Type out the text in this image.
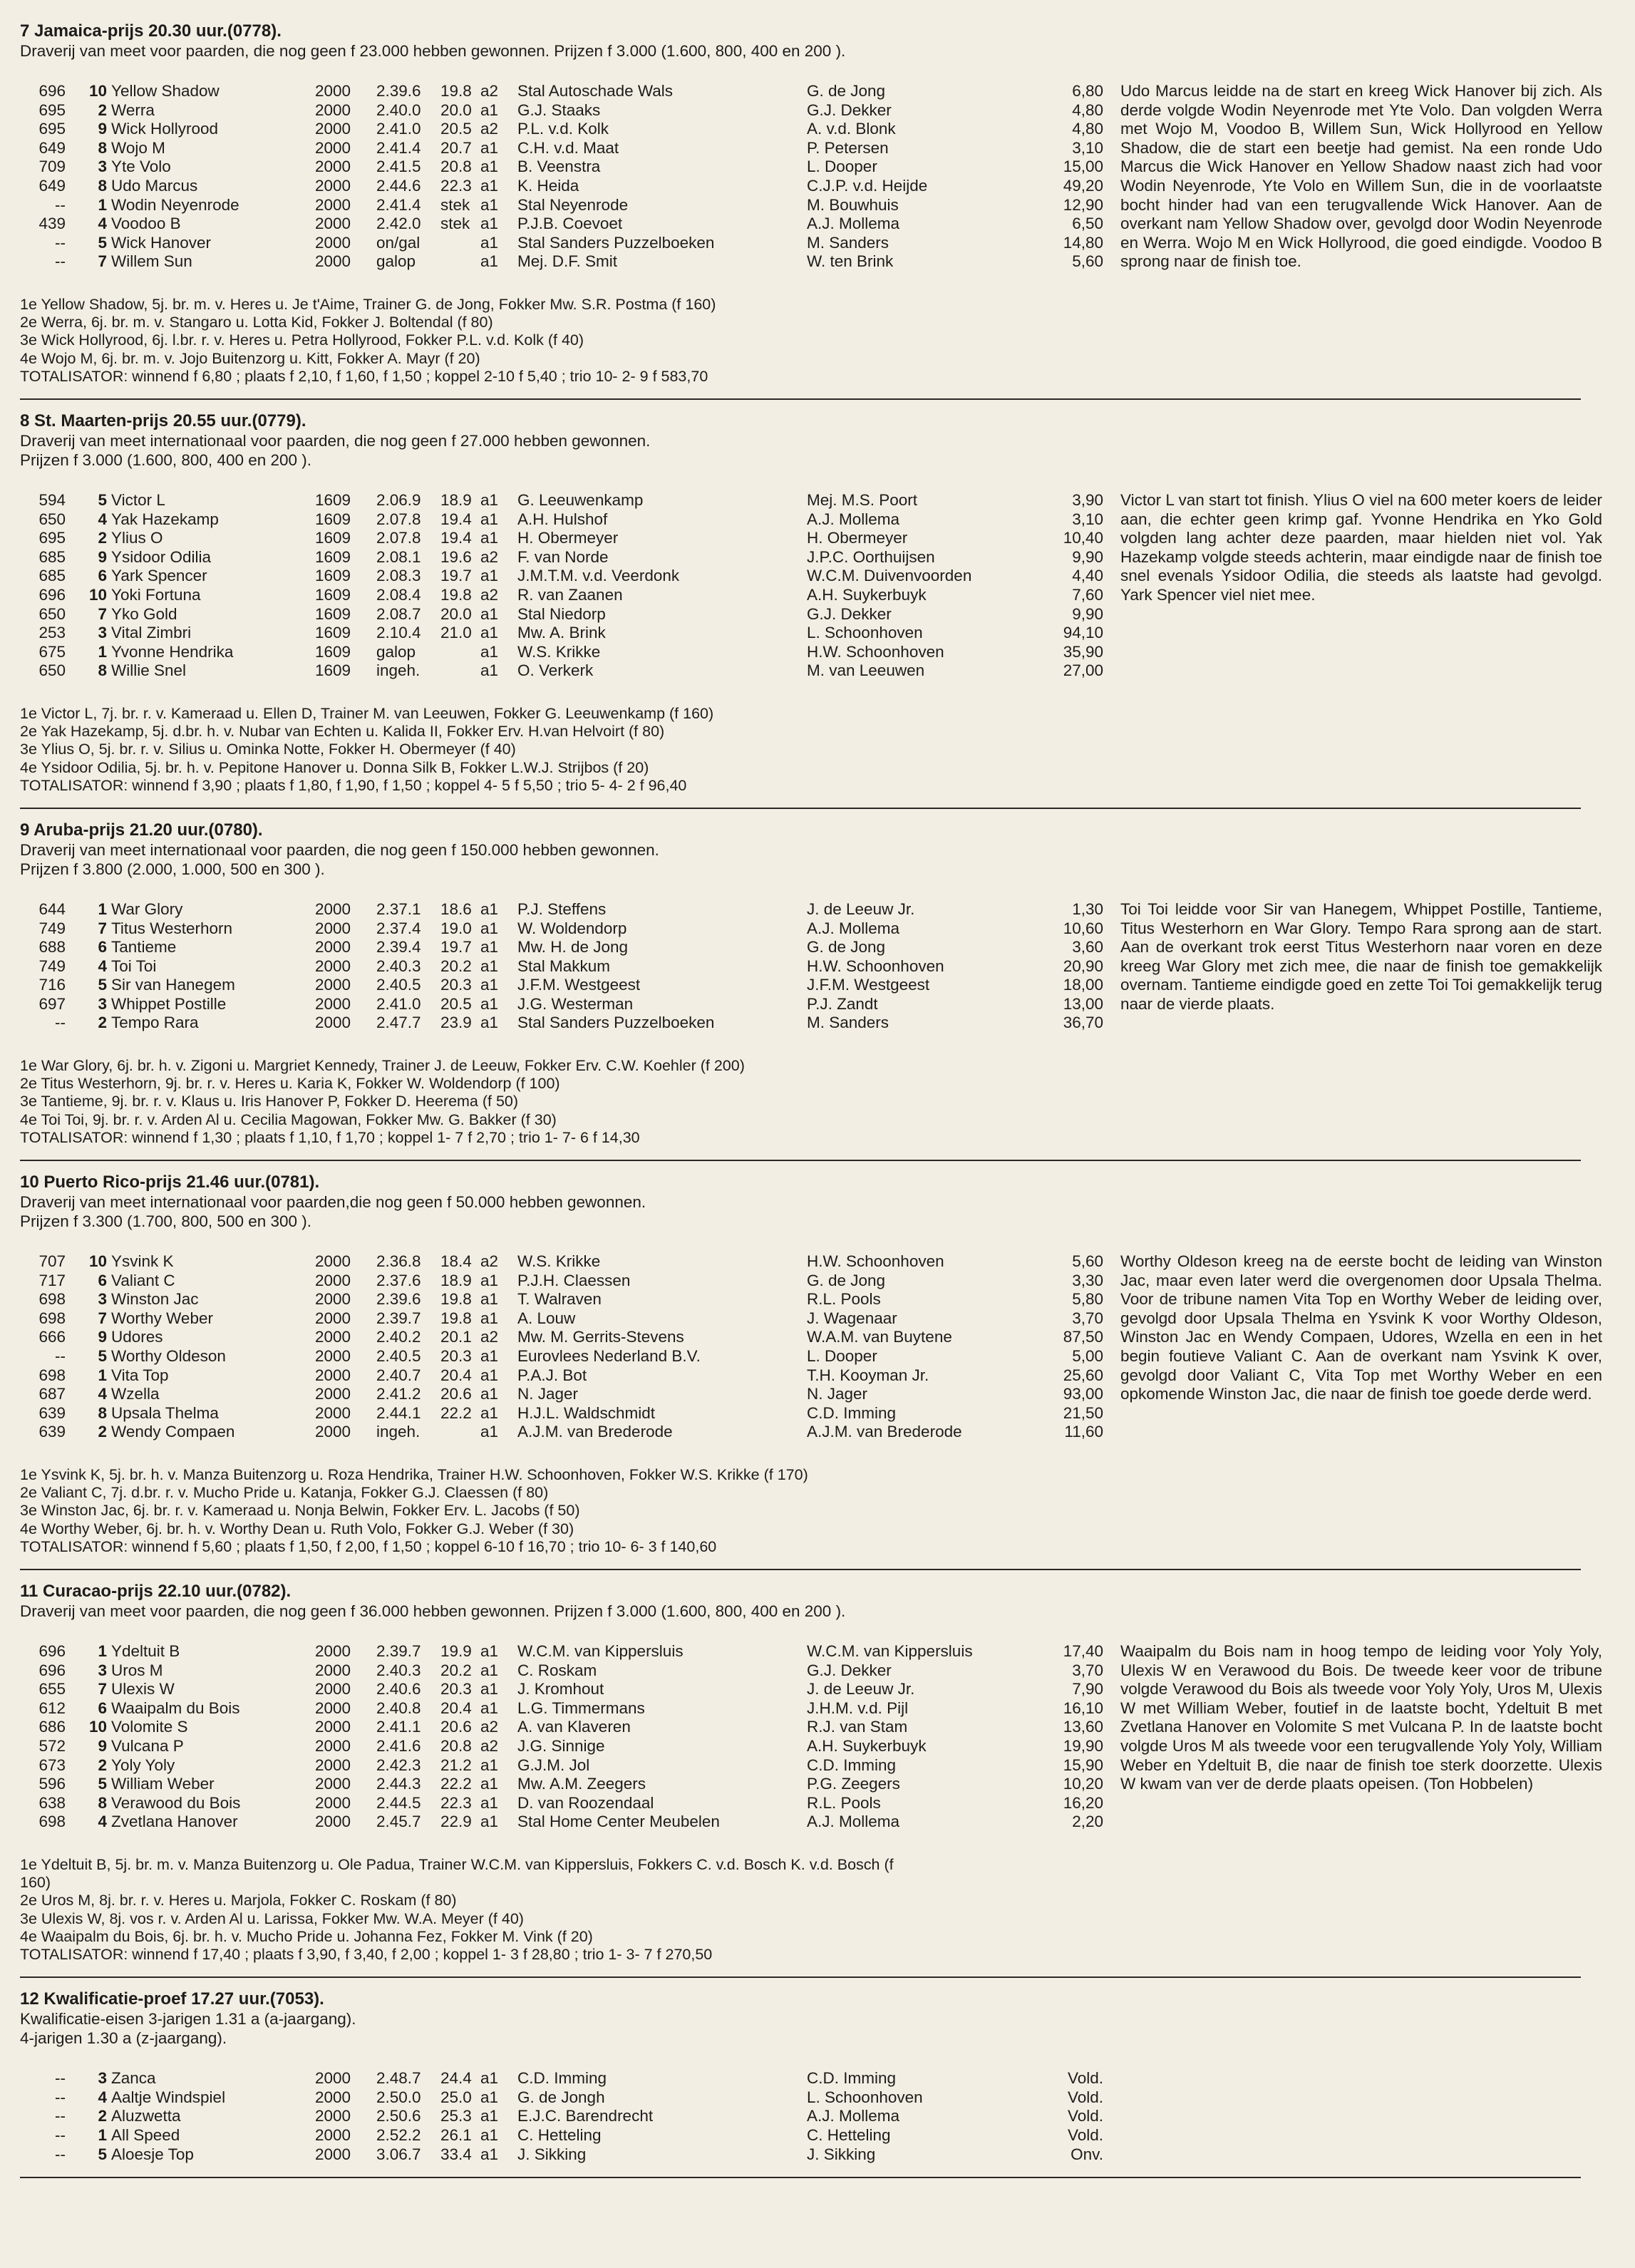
7 Jamaica-prijs 20.30 uur.(0778).
Draverij van meet voor paarden, die nog geen f 23.000 hebben gewonnen. Prijzen f 3.000 (1.600, 800, 400 en 200 ).
696	10 Yellow Shadow	2000 2.39.6 19.8 a2 Stal Autoschade Wals	G. de Jong	6,80
695	2 Werra	2000 2.40.0 20.0 a1 G.J. Staaks	G.J. Dekker	4,80
695	9 Wick Hollyrood	2000 2.41.0 20.5 a2 P.L. v.d. Kolk	A. v.d. Blonk	4,80
649	8 Wojo M	2000 2.41.4 20.7 a1 C.H. v.d. Maat	P. Petersen	3,10
709	3 Yte Volo	2000 2.41.5 20.8 a1 B. Veenstra	L. Dooper	15,00
649	8 Udo Marcus	2000 2.44.6 22.3 a1 K. Heida	C.J.P. v.d. Heijde	49,20
--	1 Wodin Neyenrode	2000 2.41.4 stek a1 Stal Neyenrode	M. Bouwhuis	12,90
439	4 Voodoo B	2000 2.42.0 stek a1 P.J.B. Coevoet	A.J. Mollema	6,50
--	5 Wick Hanover	2000 on/gal	a1 Stal Sanders Puzzelboeken	M. Sanders	14,80
--	7 Willem Sun	2000 galop	a1 Mej. D.F. Smit	W. ten Brink	5,60
Udo Marcus leidde na de start en kreeg Wick Hanover bij zich. Als derde volgde Wodin Neyenrode met Yte Volo. Dan volgden Werra met Wojo M, Voodoo B, Willem Sun, Wick Hollyrood en Yellow Shadow, die de start een beetje had gemist. Na een ronde Udo Marcus die Wick Hanover en Yellow Shadow naast zich had voor Wodin Neyenrode, Yte Volo en Willem Sun, die in de voorlaatste bocht hinder had van een terugvallende Wick Hanover. Aan de overkant nam Yellow Shadow over, gevolgd door Wodin Neyenrode en Werra. Wojo M en Wick Hollyrood, die goed eindigde. Voodoo B sprong naar de finish toe.
1e Yellow Shadow, 5j. br. m. v. Heres u. Je t'Aime, Trainer G. de Jong, Fokker Mw. S.R. Postma (f 160)
2e Werra, 6j. br. m. v. Stangaro u. Lotta Kid, Fokker J. Boltendal (f 80)
3e Wick Hollyrood, 6j. l.br. r. v. Heres u. Petra Hollyrood, Fokker P.L. v.d. Kolk (f 40)
4e Wojo M, 6j. br. m. v. Jojo Buitenzorg u. Kitt, Fokker A. Mayr (f 20)
TOTALISATOR: winnend f 6,80 ; plaats f 2,10, f 1,60, f 1,50 ; koppel 2-10 f 5,40 ; trio 10- 2- 9 f 583,70
8 St. Maarten-prijs 20.55 uur.(0779).
Draverij van meet internationaal voor paarden, die nog geen f 27.000 hebben gewonnen.
Prijzen f 3.000 (1.600, 800, 400 en 200 ).
594	5 Victor L	1609 2.06.9 18.9 a1 G. Leeuwenkamp	Mej. M.S. Poort	3,90
650	4 Yak Hazekamp	1609 2.07.8 19.4 a1 A.H. Hulshof	A.J. Mollema	3,10
695	2 Ylius O	1609 2.07.8 19.4 a1 H. Obermeyer	H. Obermeyer	10,40
685	9 Ysidoor Odilia	1609 2.08.1 19.6 a2 F. van Norde	J.P.C. Oorthuijsen	9,90
685	6 Yark Spencer	1609 2.08.3 19.7 a1 J.M.T.M. v.d. Veerdonk	W.C.M. Duivenvoorden	4,40
696	10 Yoki Fortuna	1609 2.08.4 19.8 a2 R. van Zaanen	A.H. Suykerbuyk	7,60
650	7 Yko Gold	1609 2.08.7 20.0 a1 Stal Niedorp	G.J. Dekker	9,90
253	3 Vital Zimbri	1609 2.10.4 21.0 a1 Mw. A. Brink	L. Schoonhoven	94,10
675	1 Yvonne Hendrika	1609 galop	a1 W.S. Krikke	H.W. Schoonhoven	35,90
650	8 Willie Snel	1609 ingeh.	a1 O. Verkerk	M. van Leeuwen	27,00
Victor L van start tot finish. Ylius O viel na 600 meter koers de leider aan, die echter geen krimp gaf. Yvonne Hendrika en Yko Gold volgden lang achter deze paarden, maar hielden niet vol. Yak Hazekamp volgde steeds achterin, maar eindigde naar de finish toe snel evenals Ysidoor Odilia, die steeds als laatste had gevolgd. Yark Spencer viel niet mee.
1e Victor L, 7j. br. r. v. Kameraad u. Ellen D, Trainer M. van Leeuwen, Fokker G. Leeuwenkamp (f 160)
2e Yak Hazekamp, 5j. d.br. h. v. Nubar van Echten u. Kalida II, Fokker Erv. H.van Helvoirt (f 80)
3e Ylius O, 5j. br. r. v. Silius u. Ominka Notte, Fokker H. Obermeyer (f 40)
4e Ysidoor Odilia, 5j. br. h. v. Pepitone Hanover u. Donna Silk B, Fokker L.W.J. Strijbos (f 20)
TOTALISATOR: winnend f 3,90 ; plaats f 1,80, f 1,90, f 1,50 ; koppel 4- 5 f 5,50 ; trio 5- 4- 2 f 96,40
9 Aruba-prijs 21.20 uur.(0780).
Draverij van meet internationaal voor paarden, die nog geen f 150.000 hebben gewonnen.
Prijzen f 3.800 (2.000, 1.000, 500 en 300 ).
644	1 War Glory	2000 2.37.1 18.6 a1 P.J. Steffens	J. de Leeuw Jr.	1,30
749	7 Titus Westerhorn	2000 2.37.4 19.0 a1 W. Woldendorp	A.J. Mollema	10,60
688	6 Tantieme	2000 2.39.4 19.7 a1 Mw. H. de Jong	G. de Jong	3,60
749	4 Toi Toi	2000 2.40.3 20.2 a1 Stal Makkum	H.W. Schoonhoven	20,90
716	5 Sir van Hanegem	2000 2.40.5 20.3 a1 J.F.M. Westgeest	J.F.M. Westgeest	18,00
697	3 Whippet Postille	2000 2.41.0 20.5 a1 J.G. Westerman	P.J. Zandt	13,00
--	2 Tempo Rara	2000 2.47.7 23.9 a1 Stal Sanders Puzzelboeken	M. Sanders	36,70
Toi Toi leidde voor Sir van Hanegem, Whippet Postille, Tantieme, Titus Westerhorn en War Glory. Tempo Rara sprong aan de start. Aan de overkant trok eerst Titus Westerhorn naar voren en deze kreeg War Glory met zich mee, die naar de finish toe gemakkelijk overnam. Tantieme eindigde goed en zette Toi Toi gemakkelijk terug naar de vierde plaats.
1e War Glory, 6j. br. h. v. Zigoni u. Margriet Kennedy, Trainer J. de Leeuw, Fokker Erv. C.W. Koehler (f 200)
2e Titus Westerhorn, 9j. br. r. v. Heres u. Karia K, Fokker W. Woldendorp (f 100)
3e Tantieme, 9j. br. r. v. Klaus u. Iris Hanover P, Fokker D. Heerema (f 50)
4e Toi Toi, 9j. br. r. v. Arden Al u. Cecilia Magowan, Fokker Mw. G. Bakker (f 30)
TOTALISATOR: winnend f 1,30 ; plaats f 1,10, f 1,70 ; koppel 1- 7 f 2,70 ; trio 1- 7- 6 f 14,30
10 Puerto Rico-prijs 21.46 uur.(0781).
Draverij van meet internationaal voor paarden,die nog geen f 50.000 hebben gewonnen.
Prijzen f 3.300 (1.700, 800, 500 en 300 ).
707	10 Ysvink K	2000 2.36.8 18.4 a2 W.S. Krikke	H.W. Schoonhoven	5,60
717	6 Valiant C	2000 2.37.6 18.9 a1 P.J.H. Claessen	G. de Jong	3,30
698	3 Winston Jac	2000 2.39.6 19.8 a1 T. Walraven	R.L. Pools	5,80
698	7 Worthy Weber	2000 2.39.7 19.8 a1 A. Louw	J. Wagenaar	3,70
666	9 Udores	2000 2.40.2 20.1 a2 Mw. M. Gerrits-Stevens	W.A.M. van Buytene	87,50
--	5 Worthy Oldeson	2000 2.40.5 20.3 a1 Eurovlees Nederland B.V.	L. Dooper	5,00
698	1 Vita Top	2000 2.40.7 20.4 a1 P.A.J. Bot	T.H. Kooyman Jr.	25,60
687	4 Wzella	2000 2.41.2 20.6 a1 N. Jager	N. Jager	93,00
639	8 Upsala Thelma	2000 2.44.1 22.2 a1 H.J.L. Waldschmidt	C.D. Imming	21,50
639	2 Wendy Compaen	2000 ingeh.	a1 A.J.M. van Brederode	A.J.M. van Brederode	11,60
Worthy Oldeson kreeg na de eerste bocht de leiding van Winston Jac, maar even later werd die overgenomen door Upsala Thelma. Voor de tribune namen Vita Top en Worthy Weber de leiding over, gevolgd door Upsala Thelma en Ysvink K voor Worthy Oldeson, Winston Jac en Wendy Compaen, Udores, Wzella en een in het begin foutieve Valiant C. Aan de overkant nam Ysvink K over, gevolgd door Valiant C, Vita Top met Worthy Weber en een opkomende Winston Jac, die naar de finish toe goede derde werd.
1e Ysvink K, 5j. br. h. v. Manza Buitenzorg u. Roza Hendrika, Trainer H.W. Schoonhoven, Fokker W.S. Krikke (f 170)
2e Valiant C, 7j. d.br. r. v. Mucho Pride u. Katanja, Fokker G.J. Claessen (f 80)
3e Winston Jac, 6j. br. r. v. Kameraad u. Nonja Belwin, Fokker Erv. L. Jacobs (f 50)
4e Worthy Weber, 6j. br. h. v. Worthy Dean u. Ruth Volo, Fokker G.J. Weber (f 30)
TOTALISATOR: winnend f 5,60 ; plaats f 1,50, f 2,00, f 1,50 ; koppel 6-10 f 16,70 ; trio 10- 6- 3 f 140,60
11 Curacao-prijs 22.10 uur.(0782).
Draverij van meet voor paarden, die nog geen f 36.000 hebben gewonnen. Prijzen f 3.000 (1.600, 800, 400 en 200 ).
696	1 Ydeltuit B	2000 2.39.7 19.9 a1 W.C.M. van Kippersluis	W.C.M. van Kippersluis	17,40
696	3 Uros M	2000 2.40.3 20.2 a1 C. Roskam	G.J. Dekker	3,70
655	7 Ulexis W	2000 2.40.6 20.3 a1 J. Kromhout	J. de Leeuw Jr.	7,90
612	6 Waaipalm du Bois	2000 2.40.8 20.4 a1 L.G. Timmermans	J.H.M. v.d. Pijl	16,10
686	10 Volomite S	2000 2.41.1 20.6 a2 A. van Klaveren	R.J. van Stam	13,60
572	9 Vulcana P	2000 2.41.6 20.8 a2 J.G. Sinnige	A.H. Suykerbuyk	19,90
673	2 Yoly Yoly	2000 2.42.3 21.2 a1 G.J.M. Jol	C.D. Imming	15,90
596	5 William Weber	2000 2.44.3 22.2 a1 Mw. A.M. Zeegers	P.G. Zeegers	10,20
638	8 Verawood du Bois	2000 2.44.5 22.3 a1 D. van Roozendaal	R.L. Pools	16,20
698	4 Zvetlana Hanover	2000 2.45.7 22.9 a1 Stal Home Center Meubelen	A.J. Mollema	2,20
Waaipalm du Bois nam in hoog tempo de leiding voor Yoly Yoly, Ulexis W en Verawood du Bois. De tweede keer voor de tribune volgde Verawood du Bois als tweede voor Yoly Yoly, Uros M, Ulexis W met William Weber, foutief in de laatste bocht, Ydeltuit B met Zvetlana Hanover en Volomite S met Vulcana P. In de laatste bocht volgde Uros M als tweede voor een terugvallende Yoly Yoly, William Weber en Ydeltuit B, die naar de finish toe sterk doorzette. Ulexis W kwam van ver de derde plaats opeisen. (Ton Hobbelen)
1e Ydeltuit B, 5j. br. m. v. Manza Buitenzorg u. Ole Padua, Trainer W.C.M. van Kippersluis, Fokkers C. v.d. Bosch K. v.d. Bosch (f
160)
2e Uros M, 8j. br. r. v. Heres u. Marjola, Fokker C. Roskam (f 80)
3e Ulexis W, 8j. vos r. v. Arden Al u. Larissa, Fokker Mw. W.A. Meyer (f 40)
4e Waaipalm du Bois, 6j. br. h. v. Mucho Pride u. Johanna Fez, Fokker M. Vink (f 20)
TOTALISATOR: winnend f 17,40 ; plaats f 3,90, f 3,40, f 2,00 ; koppel 1- 3 f 28,80 ; trio 1- 3- 7 f 270,50
12 Kwalificatie-proef 17.27 uur.(7053).
Kwalificatie-eisen 3-jarigen 1.31 a (a-jaargang).
4-jarigen 1.30 a (z-jaargang).
--	3 Zanca	2000 2.48.7 24.4 a1 C.D. Imming	C.D. Imming	Vold.
--	4 Aaltje Windspiel	2000 2.50.0 25.0 a1 G. de Jongh	L. Schoonhoven	Vold.
--	2 Aluzwetta	2000 2.50.6 25.3 a1 E.J.C. Barendrecht	A.J. Mollema	Vold.
--	1 All Speed	2000 2.52.2 26.1 a1 C. Hetteling	C. Hetteling	Vold.
--	5 Aloesje Top	2000 3.06.7 33.4 a1 J. Sikking	J. Sikking	Onv.
